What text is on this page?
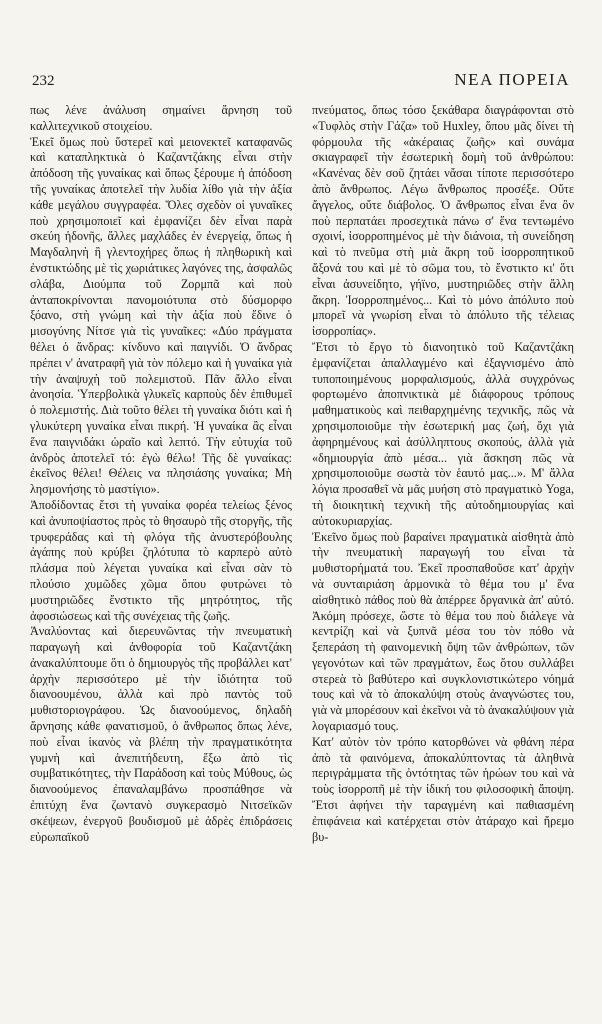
232	ΝΕΑ ΠΟΡΕΙΑ

πως λένε ἀνάλυση σημαίνει ἄρνηση τοῦ καλλιτεχνικοῦ στοιχείου.
Ἐκεῖ ὅμως ποὺ ὕστερεῖ καὶ μειονεκτεῖ καταφανῶς καὶ καταπληκτικὰ ὁ Καζαντζάκης εἶναι στὴν ἀπόδοση τῆς γυναίκας καὶ ὅπως ξέρουμε ἡ ἀπόδοση τῆς γυναίκας ἀποτελεῖ τὴν λυδία λίθο γιὰ τὴν ἀξία κάθε μεγάλου συγγραφέα. Ὅλες σχεδὸν οἱ γυναῖκες ποὺ χρησιμοποιεῖ καὶ ἐμφανίζει δὲν εἶναι παρὰ σκεύη ἡδονῆς, ἄλλες μαχλάδες ἐν ἐνεργείᾳ, ὅπως ἡ Μαγδαληνὴ ἢ γλεντοχήρες ὅπως ἡ πληθωρικὴ καὶ ἐνστικτώδης μὲ τὶς χωριάτικες λαγόνες της, ἀσφαλῶς σλάβα, Διούμπα τοῦ Ζορμπᾶ καὶ ποὺ ἀνταποκρίνονται πανομοιότυπα στὸ δύσμορφο ξόανο, στὴ γνώμη καὶ τὴν ἀξία ποὺ ἔδινε ὁ μισογύνης Νίτσε γιὰ τὶς γυναῖκες: «Δύο πράγματα θέλει ὁ ἄνδρας: κίνδυνο καὶ παιγνίδι. Ὁ ἄνδρας πρέπει ν' ἀνατραφῆ γιὰ τὸν πόλεμο καὶ ἡ γυναίκα γιὰ τὴν ἀναψυχὴ τοῦ πολεμιστοῦ. Πᾶν ἄλλο εἶναι ἀνοησία. Ὑπερβολικὰ γλυκεῖς καρποὺς δὲν ἐπιθυμεῖ ὁ πολεμιστής. Διὰ τοῦτο θέλει τὴ γυναίκα διότι καὶ ἡ γλυκύτερη γυναίκα εἶναι πικρή. Ἡ γυναίκα ἂς εἶναι ἕνα παιγνιδάκι ὡραῖο καὶ λεπτό. Τὴν εὐτυχία τοῦ ἀνδρὸς ἀποτελεῖ τό: ἐγὼ θέλω! Τῆς δὲ γυναίκας: ἐκεῖνος θέλει! Θέλεις να πλησιάσης γυναίκα; Μὴ λησμονήσης τὸ μαστίγιο».
Ἀποδίδοντας ἔτσι τὴ γυναίκα φορέα τελείως ξένος καὶ ἀνυποψίαστος πρὸς τὸ θησαυρὸ τῆς στοργῆς, τῆς τρυφεράδας καὶ τὴ φλόγα τῆς ἀνυστερόβουλης ἀγάπης ποὺ κρύβει ζηλότυπα τὸ καρπερὸ αὐτὸ πλάσμα ποὺ λέγεται γυναίκα καὶ εἶναι σὰν τὸ πλούσιο χυμῶδες χῶμα ὅπου φυτρώνει τὸ μυστηριῶδες ἔνστικτο τῆς μητρότητος, τῆς ἀφοσιώσεως καὶ τῆς συνέχειας τῆς ζωῆς.
Ἀναλύοντας καὶ διερευνῶντας τὴν πνευματικὴ παραγωγὴ καὶ ἀνθοφορία τοῦ Καζαντζάκη ἀνακαλύπτουμε ὅτι ὁ δημιουργὸς τῆς προβάλλει κατ' ἀρχὴν περισσότερο μὲ τὴν ἰδιότητα τοῦ διανοουμένου, ἀλλὰ καὶ πρὸ παντὸς τοῦ μυθιστοριογράφου. Ὡς διανοούμενος, δηλαδὴ ἄρνησης κάθε φανατισμοῦ, ὁ ἄνθρωπος ὅπως λένε, ποὺ εἶναι ἱκανὸς νὰ βλέπη τὴν πραγματικότητα γυμνὴ καὶ ἀνεπιτήδευτη, ἔξω ἀπὸ τὶς συμβατικότητες, τὴν Παράδοση καὶ τοὺς Μύθους, ὡς διανοούμενος ἐπαναλαμβάνω προσπάθησε νὰ ἐπιτύχη ἕνα ζωντανὸ συγκερασμὸ Νιτσεϊκῶν σκέψεων, ἐνεργοῦ βουδισμοῦ μὲ ἀδρὲς ἐπιδράσεις εὐρωπαϊκοῦ

πνεύματος, ὅπως τόσο ξεκάθαρα διαγράφονται στὸ «Τυφλὸς στὴν Γάζα» τοῦ Huxley, ὅπου μᾶς δίνει τὴ φόρμουλα τῆς «ἀκέραιας ζωῆς» καὶ συνάμα σκιαγραφεῖ τὴν ἐσωτερικὴ δομὴ τοῦ ἀνθρώπου: «Κανένας δὲν σοῦ ζητάει νἄσαι τίποτε περισσότερο ἀπὸ ἄνθρωπος. Λέγω ἄνθρωπος προσέξε. Οὔτε ἄγγελος, οὔτε διάβολος. Ὁ ἄνθρωπος εἶναι ἕνα ὂν ποὺ περπατάει προσεχτικὰ πάνω σ' ἕνα τεντωμένο σχοινί, ἰσορροπημένος μὲ τὴν διάνοια, τὴ συνείδηση καὶ τὸ πνεῦμα στὴ μιὰ ἄκρη τοῦ ἰσορροπητικοῦ ἄξονά του καὶ μὲ τὸ σῶμα του, τὸ ἔνστικτο κι' ὅτι εἶναι ἀσυνείδητο, γήϊνο, μυστηριῶδες στὴν ἄλλη ἄκρη. Ἰσορροπημένος... Καὶ τὸ μόνο ἀπόλυτο ποὺ μπορεῖ νὰ γνωρίση εἶναι τὸ ἀπόλυτο τῆς τέλειας ἰσορροπίας».
Ἔτσι τὸ ἔργο τὸ διανοητικὸ τοῦ Καζαντζάκη ἐμφανίζεται ἀπαλλαγμένο καὶ ἐξαγνισμένο ἀπὸ τυποποιημένους μορφαλισμούς, ἀλλὰ συγχρόνως φορτωμένο ἀποπνικτικὰ μὲ διάφορους τρόπους μαθηματικοὺς καὶ πειθαρχημένης τεχνικῆς, πῶς νὰ χρησιμοποιοῦμε τὴν ἐσωτερική μας ζωή, ὄχι γιὰ ἀφηρημένους καὶ ἀσύλληπτους σκοπούς, ἀλλὰ γιὰ «δημιουργία ἀπὸ μέσα... γιὰ ἄσκηση πῶς νὰ χρησιμοποιοῦμε σωστὰ τὸν ἑαυτό μας...». Μ' ἄλλα λόγια προσαθεῖ νὰ μᾶς μυήση στὸ πραγματικὸ Yoga, τὴ διοικητικὴ τεχνικὴ τῆς αὐτοδημιουργίας καὶ αὐτοκυριαρχίας.
Ἐκεῖνο ὅμως ποὺ βαραίνει πραγματικὰ αἰσθητὰ ἀπὸ τὴν πνευματικὴ παραγωγή του εἶναι τὰ μυθιστορήματά του. Ἐκεῖ προσπαθοῦσε κατ' ἀρχὴν νὰ συνταιριάση ἁρμονικὰ τὸ θέμα του μ' ἕνα αἰσθητικὸ πάθος ποὺ θὰ ἀπέρρεε δργανικὰ ἀπ' αὐτό. Ἀκόμη πρόσεχε, ὥστε τὸ θέμα του ποὺ διάλεγε νὰ κεντρίζη καὶ νὰ ξυπνᾶ μέσα του τὸν πόθο νὰ ξεπεράση τὴ φαινομενικὴ ὄψη τῶν ἀνθρώπων, τῶν γεγονότων καὶ τῶν πραγμάτων, ἕως ὅτου συλλάβει στερεὰ τὸ βαθύτερο καὶ συγκλονιστικώτερο νόημά τους καὶ νὰ τὸ ἀποκαλύψη στοὺς ἀναγνώστες του, γιὰ νὰ μπορέσουν καὶ ἐκεῖνοι νὰ τὸ ἀνακαλύψουν γιὰ λογαριασμό τους.
Κατ' αὐτὸν τὸν τρόπο κατορθώνει νὰ φθάνη πέρα ἀπὸ τὰ φαινόμενα, ἀποκαλύπτοντας τὰ ἀληθινὰ περιγράμματα τῆς ὀντότητας τῶν ἡρώων του καὶ νὰ τοὺς ἰσορροπῆ μὲ τὴν ἰδική του φιλοσοφικὴ ἄποψη. Ἔτσι ἀφήνει τὴν ταραγμένη καὶ παθιασμένη ἐπιφάνεια καὶ κατέρχεται στὸν ἀτάραχο καὶ ἤρεμο βυ-
